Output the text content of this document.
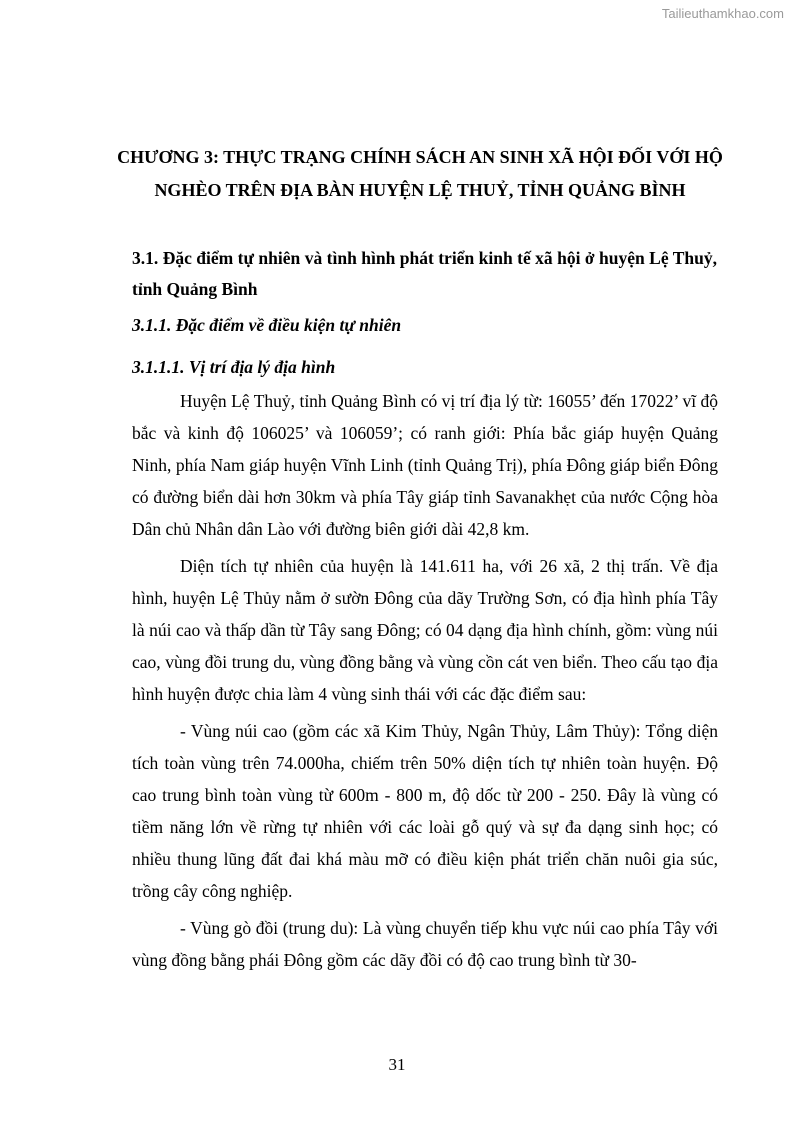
Tailieuthamkhao.com
CHƯƠNG 3: THỰC TRẠNG CHÍNH SÁCH AN SINH XÃ HỘI ĐỐI VỚI HỘ NGHÈO TRÊN ĐỊA BÀN HUYỆN LỆ THUỶ, TỈNH QUẢNG BÌNH
3.1. Đặc điểm tự nhiên và tình hình phát triển kinh tế xã hội ở huyện Lệ Thuỷ, tỉnh Quảng Bình
3.1.1. Đặc điểm về điều kiện tự nhiên
3.1.1.1. Vị trí địa lý địa hình

Huyện Lệ Thuỷ, tỉnh Quảng Bình có vị trí địa lý từ: 16055’ đến 17022’ vĩ độ bắc và kinh độ 106025’ và 106059’; có ranh giới: Phía bắc giáp huyện Quảng Ninh, phía Nam giáp huyện Vĩnh Linh (tỉnh Quảng Trị), phía Đông giáp biển Đông có đường biển dài hơn 30km và phía Tây giáp tỉnh Savanakhẹt của nước Cộng hòa Dân chủ Nhân dân Lào với đường biên giới dài 42,8 km.

Diện tích tự nhiên của huyện là 141.611 ha, với 26 xã, 2 thị trấn. Về địa hình, huyện Lệ Thủy nằm ở sườn Đông của dãy Trường Sơn, có địa hình phía Tây là núi cao và thấp dần từ Tây sang Đông; có 04 dạng địa hình chính, gồm: vùng núi cao, vùng đồi trung du, vùng đồng bằng và vùng cồn cát ven biển. Theo cấu tạo địa hình huyện được chia làm 4 vùng sinh thái với các đặc điểm sau:

- Vùng núi cao (gồm các xã Kim Thủy, Ngân Thủy, Lâm Thủy): Tổng diện tích toàn vùng trên 74.000ha, chiếm trên 50% diện tích tự nhiên toàn huyện. Độ cao trung bình toàn vùng từ 600m - 800 m, độ dốc từ 200 - 250. Đây là vùng có tiềm năng lớn về rừng tự nhiên với các loài gỗ quý và sự đa dạng sinh học; có nhiều thung lũng đất đai khá màu mỡ có điều kiện phát triển chăn nuôi gia súc, trồng cây công nghiệp.

- Vùng gò đồi (trung du): Là vùng chuyển tiếp khu vực núi cao phía Tây với vùng đồng bằng phái Đông gồm các dãy đồi có độ cao trung bình từ 30-

31
